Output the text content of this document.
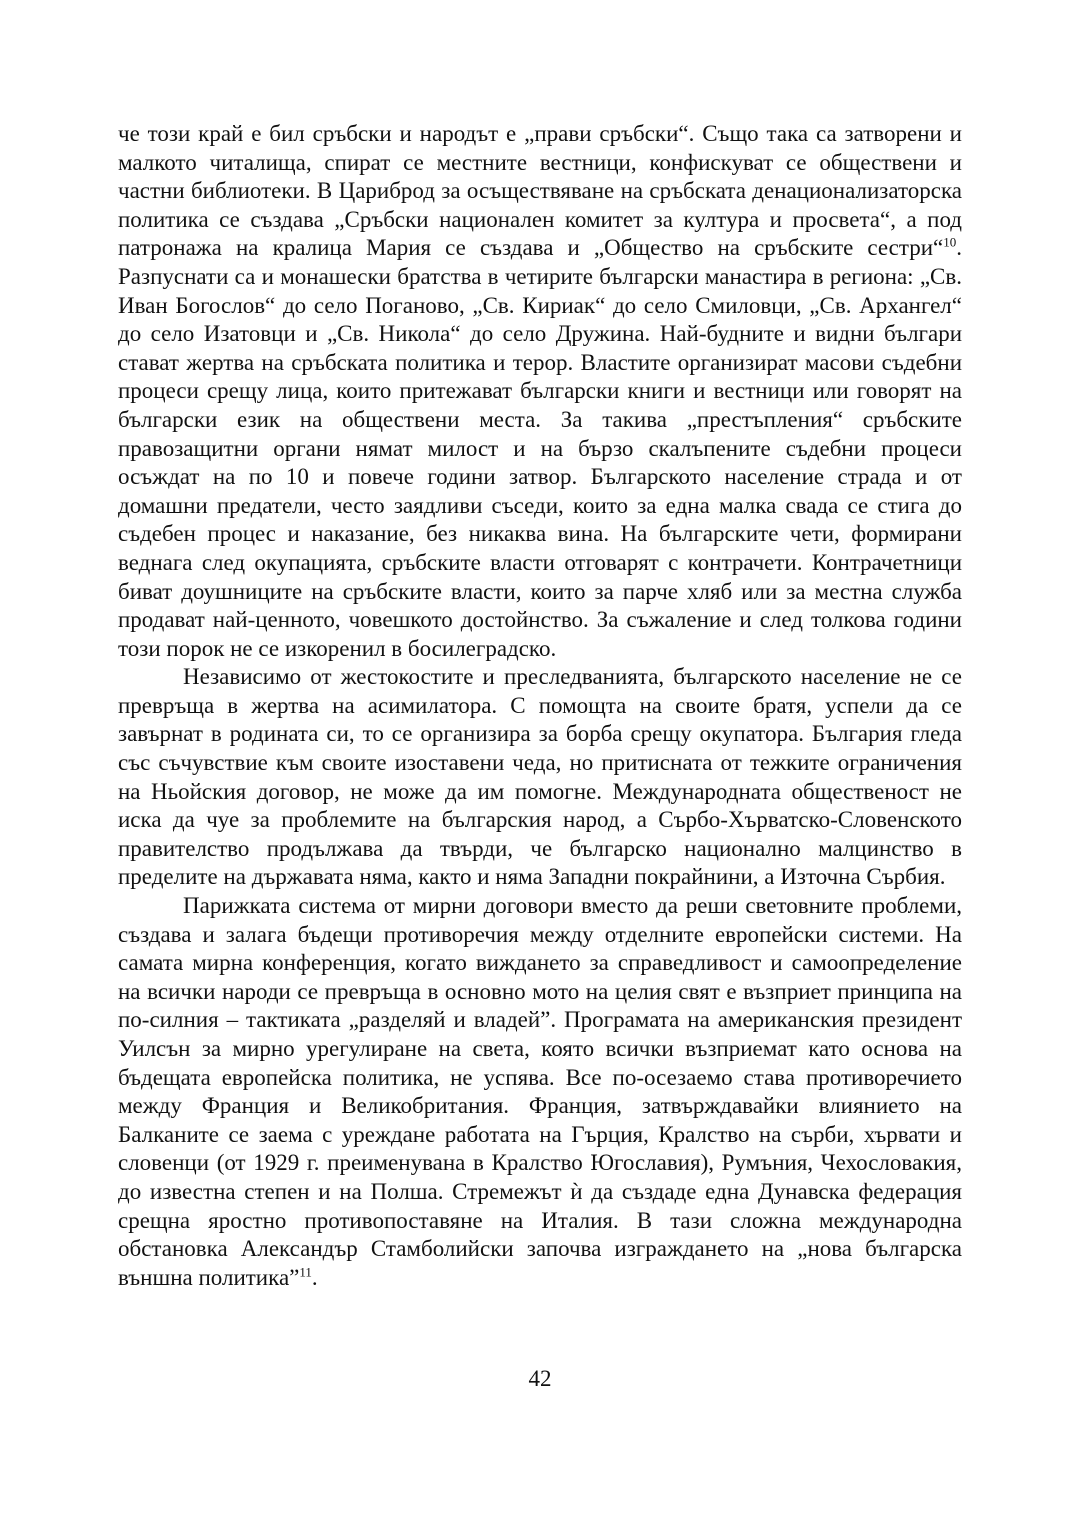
че този край е бил сръбски и народът е „прави сръбски“. Също така са затворени и малкото читалища, спират се местните вестници, конфискуват се обществени и частни библиотеки. В Цариброд за осъществяване на сръбската денационализаторска политика се създава „Сръбски национален комитет за култура и просвета“, а под патронажа на кралица Мария се създава и „Общество на сръбските сестри“$^{10}$. Разпуснати са и монашески братства в четирите български манастира в региона: „Св. Иван Богослов“ до село Поганово, „Св. Кириак“ до село Смиловци, „Св. Архангел“ до село Изатовци и „Св. Никола“ до село Дружина. Най-будните и видни българи стават жертва на сръбската политика и терор. Властите организират масови съдебни процеси срещу лица, които притежават български книги и вестници или говорят на български език на обществени места. За такива „престъпления“ сръбските правозащитни органи нямат милост и на бързо скалъпените съдебни процеси осъждат на по 10 и повече години затвор. Българското население страда и от домашни предатели, често заядливи съседи, които за една малка свада се стига до съдебен процес и наказание, без никаква вина. На българските чети, формирани веднага след окупацията, сръбските власти отговарят с контрачети. Контрачетници биват доушниците на сръбските власти, които за парче хляб или за местна служба продават най-ценното, човешкото достойнство. За съжаление и след толкова години този порок не се изкоренил в босилеградско.

Независимо от жестокостите и преследванията, българското население не се превръща в жертва на асимилатора. С помощта на своите братя, успели да се завърнат в родината си, то се организира за борба срещу окупатора. България гледа със съчувствие към своите изоставени чеда, но притисната от тежките ограничения на Ньойския договор, не може да им помогне. Международната общественост не иска да чуе за проблемите на българския народ, а Сърбо-Хърватско-Словенското правителство продължава да твърди, че българско национално малцинство в пределите на държавата няма, както и няма Западни покрайнини, а Източна Сърбия.

Парижката система от мирни договори вместо да реши световните проблеми, създава и залага бъдещи противоречия между отделните европейски системи. На самата мирна конференция, когато виждането за справедливост и самоопределение на всички народи се превръща в основно мото на целия свят е възприет принципа на по-силния – тактиката „разделяй и владей”. Програмата на американския президент Уилсън за мирно урегулиране на света, която всички възприемат като основа на бъдещата европейска политика, не успява. Все по-осезаемо става противоречието между Франция и Великобритания. Франция, затвърждавайки влиянието на Балканите се заема с уреждане работата на Гърция, Кралство на сърби, хървати и словенци (от 1929 г. преименувана в Кралство Югославия), Румъния, Чехословакия, до известна степен и на Полша. Стремежът ѝ да създаде една Дунавска федерация срещна яростно противопоставяне на Италия. В тази сложна международна обстановка Александър Стамболийски започва изграждането на „нова българска външна политика”$^{11}$.

42
